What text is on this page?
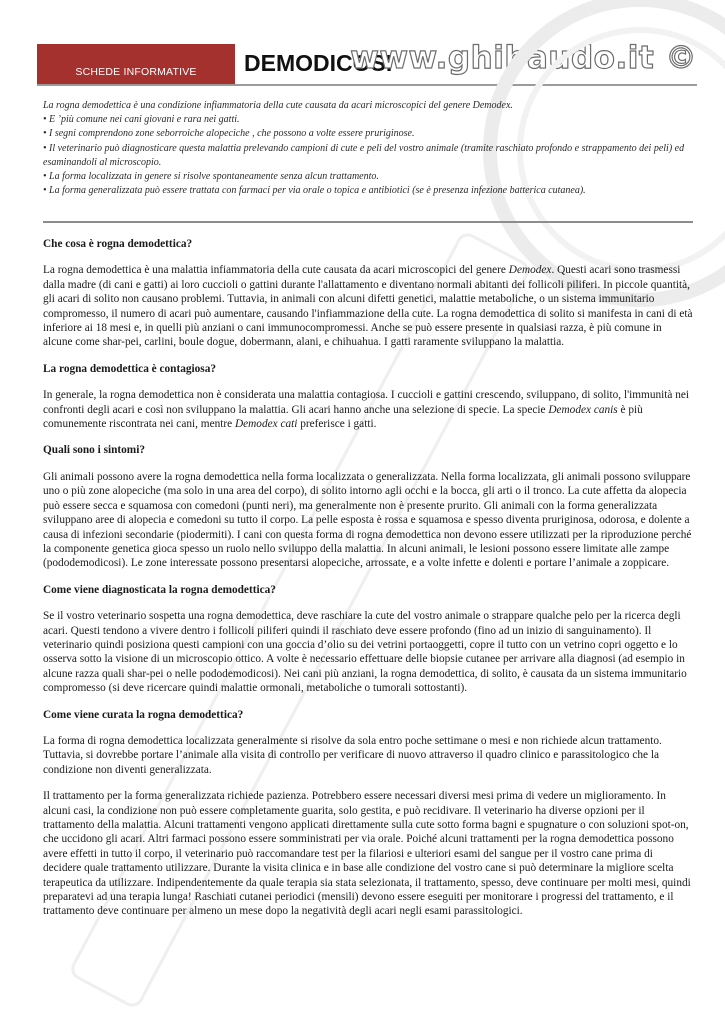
SCHEDE INFORMATIVE	DEMODICOSI
www.ghibaudo.it ©

La rogna demodettica è una condizione infiammatoria della cute causata da acari microscopici del genere Demodex.

• E ’più comune nei cani giovani e rara nei gatti.

• I segni comprendono zone seborroiche alopeciche , che possono a volte essere pruriginose.

• Il veterinario può diagnosticare questa malattia prelevando campioni di cute e peli del vostro animale (tramite raschiato profondo e strappamento dei peli) ed esaminandoli al microscopio.

• La forma localizzata in genere si risolve spontaneamente senza alcun trattamento.

• La forma generalizzata può essere trattata con farmaci per via orale o topica e antibiotici (se è presenza infezione batterica cutanea).

Che cosa è rogna demodettica?

La rogna demodettica è una malattia infiammatoria della cute causata da acari microscopici del genere Demodex. Questi acari sono trasmessi dalla madre (di cani e gatti) ai loro cuccioli o gattini durante l'allattamento e diventano normali abitanti dei follicoli piliferi. In piccole quantità, gli acari di solito non causano problemi. Tuttavia, in animali con alcuni difetti genetici, malattie metaboliche, o un sistema immunitario compromesso, il numero di acari può aumentare, causando l'infiammazione della cute. La rogna demodettica di solito si manifesta in cani di età inferiore ai 18 mesi e, in quelli più anziani o cani immunocompromessi. Anche se può essere presente in qualsiasi razza, è più comune in alcune come shar-pei, carlini, boule dogue, dobermann, alani, e chihuahua. I gatti raramente sviluppano la malattia.

La rogna demodettica è contagiosa?

In generale, la rogna demodettica non è considerata una malattia contagiosa. I cuccioli e gattini crescendo, sviluppano, di solito, l'immunità nei confronti degli acari e così non sviluppano la malattia. Gli acari hanno anche una selezione di specie. La specie Demodex canis è più comunemente riscontrata nei cani, mentre Demodex cati preferisce i gatti.

Quali sono i sintomi?

Gli animali possono avere la rogna demodettica nella forma localizzata o generalizzata. Nella forma localizzata, gli animali possono sviluppare uno o più zone alopeciche (ma solo in una area del corpo), di solito intorno agli occhi e la bocca, gli arti o il tronco. La cute affetta da alopecia può essere secca e squamosa con comedoni (punti neri), ma generalmente non è presente prurito. Gli animali con la forma generalizzata sviluppano aree di alopecia e comedoni su tutto il corpo. La pelle esposta è rossa e squamosa e spesso diventa pruriginosa, odorosa, e dolente a causa di infezioni secondarie (piodermiti). I cani con questa forma di rogna demodettica non devono essere utilizzati per la riproduzione perché la componente genetica gioca spesso un ruolo nello sviluppo della malattia. In alcuni animali, le lesioni possono essere limitate alle zampe (pododemodicosi). Le zone interessate possono presentarsi alopeciche, arrossate, e a volte infette e dolenti e portare l’animale a zoppicare.

Come viene diagnosticata la rogna demodettica?

Se il vostro veterinario sospetta una rogna demodettica, deve raschiare la cute del vostro animale o strappare qualche pelo per la ricerca degli acari. Questi tendono a vivere dentro i follicoli piliferi quindi il raschiato deve essere profondo (fino ad un inizio di sanguinamento). Il veterinario quindi posiziona questi campioni con una goccia d’olio su dei vetrini portaoggetti, copre il tutto con un vetrino copri oggetto e lo osserva sotto la visione di un microscopio ottico. A volte è necessario effettuare delle biopsie cutanee per arrivare alla diagnosi (ad esempio in alcune razza quali shar-pei o nelle pododemodicosi). Nei cani più anziani, la rogna demodettica, di solito, è causata da un sistema immunitario compromesso (si deve ricercare quindi malattie ormonali, metaboliche o tumorali sottostanti).

Come viene curata la rogna demodettica?

La forma di rogna demodettica localizzata generalmente si risolve da sola entro poche settimane o mesi e non richiede alcun trattamento. Tuttavia, si dovrebbe portare l’animale alla visita di controllo per verificare di nuovo attraverso il quadro clinico e parassitologico che la condizione non diventi generalizzata.

Il trattamento per la forma generalizzata richiede pazienza. Potrebbero essere necessari diversi mesi prima di vedere un miglioramento. In alcuni casi, la condizione non può essere completamente guarita, solo gestita, e può recidivare. Il veterinario ha diverse opzioni per il trattamento della malattia. Alcuni trattamenti vengono applicati direttamente sulla cute sotto forma bagni e spugnature o con soluzioni spot-on, che uccidono gli acari. Altri farmaci possono essere somministrati per via orale. Poiché alcuni trattamenti per la rogna demodettica possono avere effetti in tutto il corpo, il veterinario può raccomandare test per la filariosi e ulteriori esami del sangue per il vostro cane prima di decidere quale trattamento utilizzare. Durante la visita clinica e in base alle condizione del vostro cane si può determinare la migliore scelta terapeutica da utilizzare. Indipendentemente da quale terapia sia stata selezionata, il trattamento, spesso, deve continuare per molti mesi, quindi preparatevi ad una terapia lunga! Raschiati cutanei periodici (mensili) devono essere eseguiti per monitorare i progressi del trattamento, e il trattamento deve continuare per almeno un mese dopo la negatività degli acari negli esami parassitologici.
